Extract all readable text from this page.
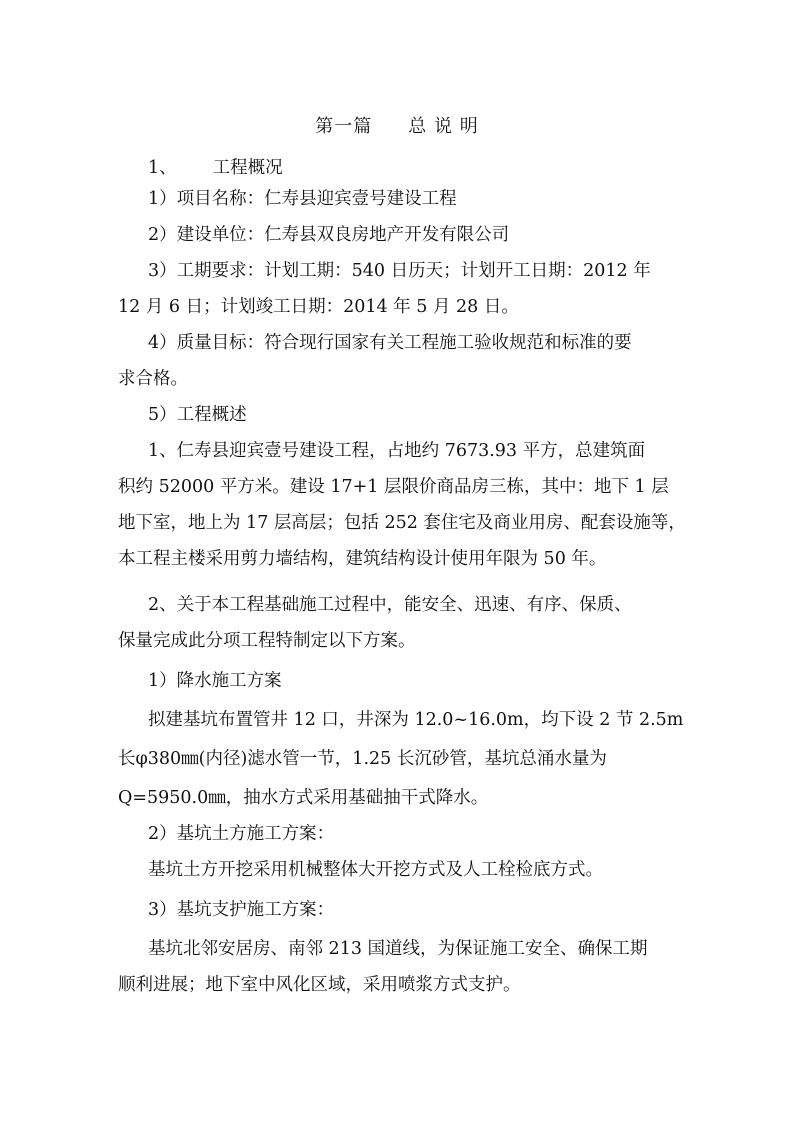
第一篇 总 说 明
1、 工程概况
1）项目名称：仁寿县迎宾壹号建设工程
2）建设单位：仁寿县双良房地产开发有限公司
3）工期要求：计划工期：540 日历天；计划开工日期：2012 年
12 月 6 日；计划竣工日期：2014 年 5 月 28 日。
4）质量目标：符合现行国家有关工程施工验收规范和标准的要
求合格。
5）工程概述
1、仁寿县迎宾壹号建设工程，占地约 7673.93 平方，总建筑面
积约 52000 平方米。建设 17+1 层限价商品房三栋，其中：地下 1 层
地下室，地上为 17 层高层；包括 252 套住宅及商业用房、配套设施等，
本工程主楼采用剪力墙结构，建筑结构设计使用年限为 50 年。
2、关于本工程基础施工过程中，能安全、迅速、有序、保质、
保量完成此分项工程特制定以下方案。
1）降水施工方案
拟建基坑布置管井 12 口，井深为 12.0~16.0m，均下设 2 节 2.5m
长φ380㎜(内径)滤水管一节，1.25 长沉砂管，基坑总涌水量为
Q=5950.0㎜，抽水方式采用基础抽干式降水。
2）基坑土方施工方案：
基坑土方开挖采用机械整体大开挖方式及人工栓检底方式。
3）基坑支护施工方案：
基坑北邻安居房、南邻 213 国道线，为保证施工安全、确保工期
顺利进展；地下室中风化区域，采用喷浆方式支护。
